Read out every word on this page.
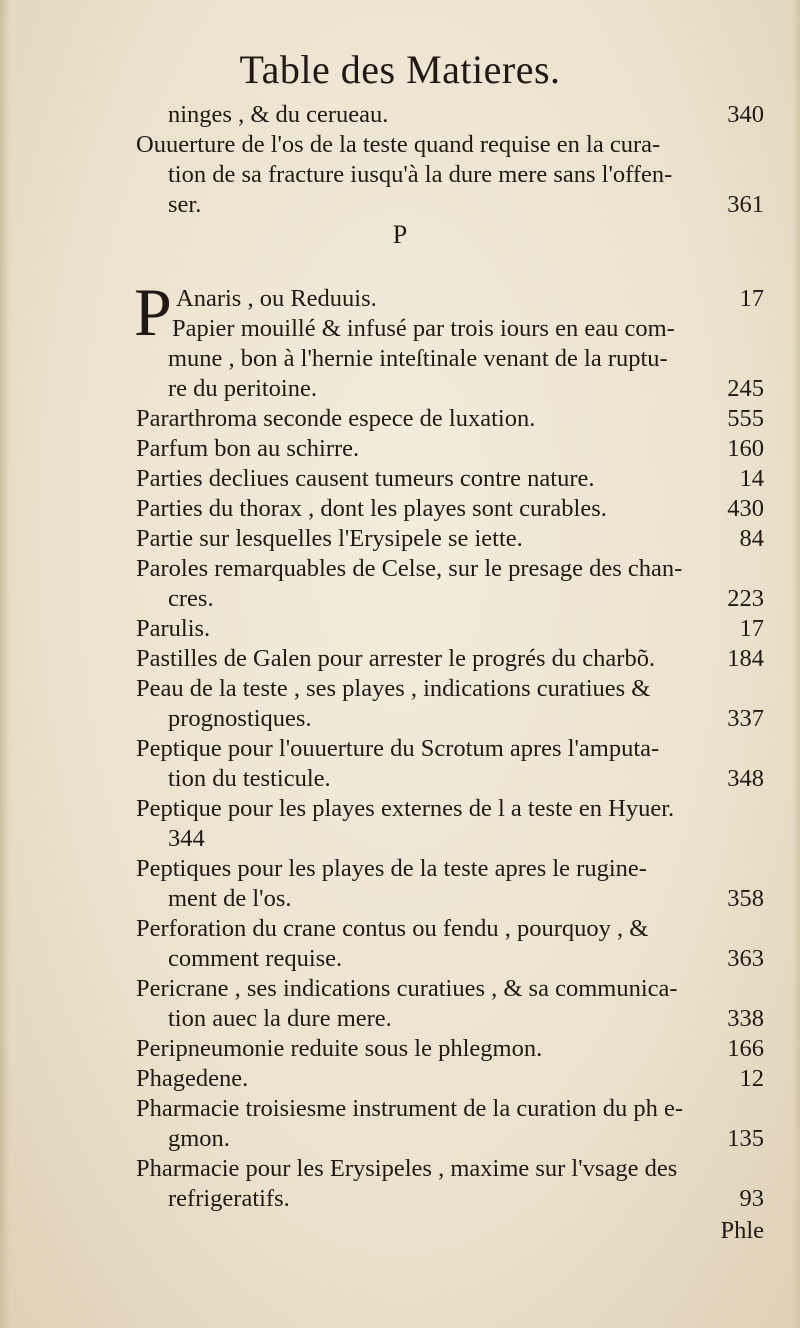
Table des Matieres.
ninges , & du cerueau.	340
Ouuerture de l'os de la teste quand requise en la cura-
tion de sa fracture iusqu'à la dure mere sans l'offen-
ser.	361
P
P Anaris , ou Reduuis.	17
Papier mouillé & infusé par trois iours en eau com-
mune , bon à l'hernie inteſtinale venant de la ruptu-
re du peritoine.	245
Pararthroma seconde espece de luxation.	555
Parfum bon au schirre.	160
Parties decliues causent tumeurs contre nature.	14
Parties du thorax , dont les playes sont curables.	430
Partie sur lesquelles l'Erysipele se iette.	84
Paroles remarquables de Celse, sur le presage des chan-
cres.	223
Parulis.	17
Pastilles de Galen pour arrester le progrés du charbõ.	184
Peau de la teste , ses playes , indications curatiues &
prognostiques.	337
Peptique pour l'ouuerture du Scrotum apres l'amputa-
tion du testicule.	348
Peptique pour les playes externes de l a teste en Hyuer.
344
Peptiques pour les playes de la teste apres le rugine-
ment de l'os.	358
Perforation du crane contus ou fendu , pourquoy , &
comment requise.	363
Pericrane , ses indications curatiues , & sa communica-
tion auec la dure mere.	338
Peripneumonie reduite sous le phlegmon.	166
Phagedene.	12
Pharmacie troisiesme instrument de la curation du ph e-
gmon.	135
Pharmacie pour les Erysipeles , maxime sur l'vsage des
refrigeratifs.	93
Phle
